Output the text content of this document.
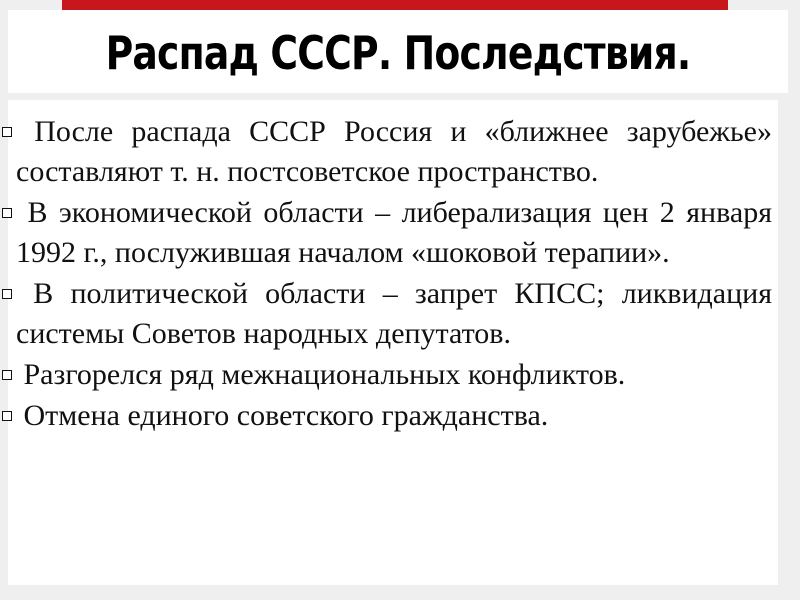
Распад СССР. Последствия.
После распада СССР Россия и «ближнее зарубежье» составляют т. н. постсоветское пространство.
В экономической области – либерализация цен 2 января 1992 г., послужившая началом «шоковой терапии».
В политической области – запрет КПСС; ликвидация системы Советов народных депутатов.
Разгорелся ряд межнациональных конфликтов.
Отмена единого советского гражданства.
